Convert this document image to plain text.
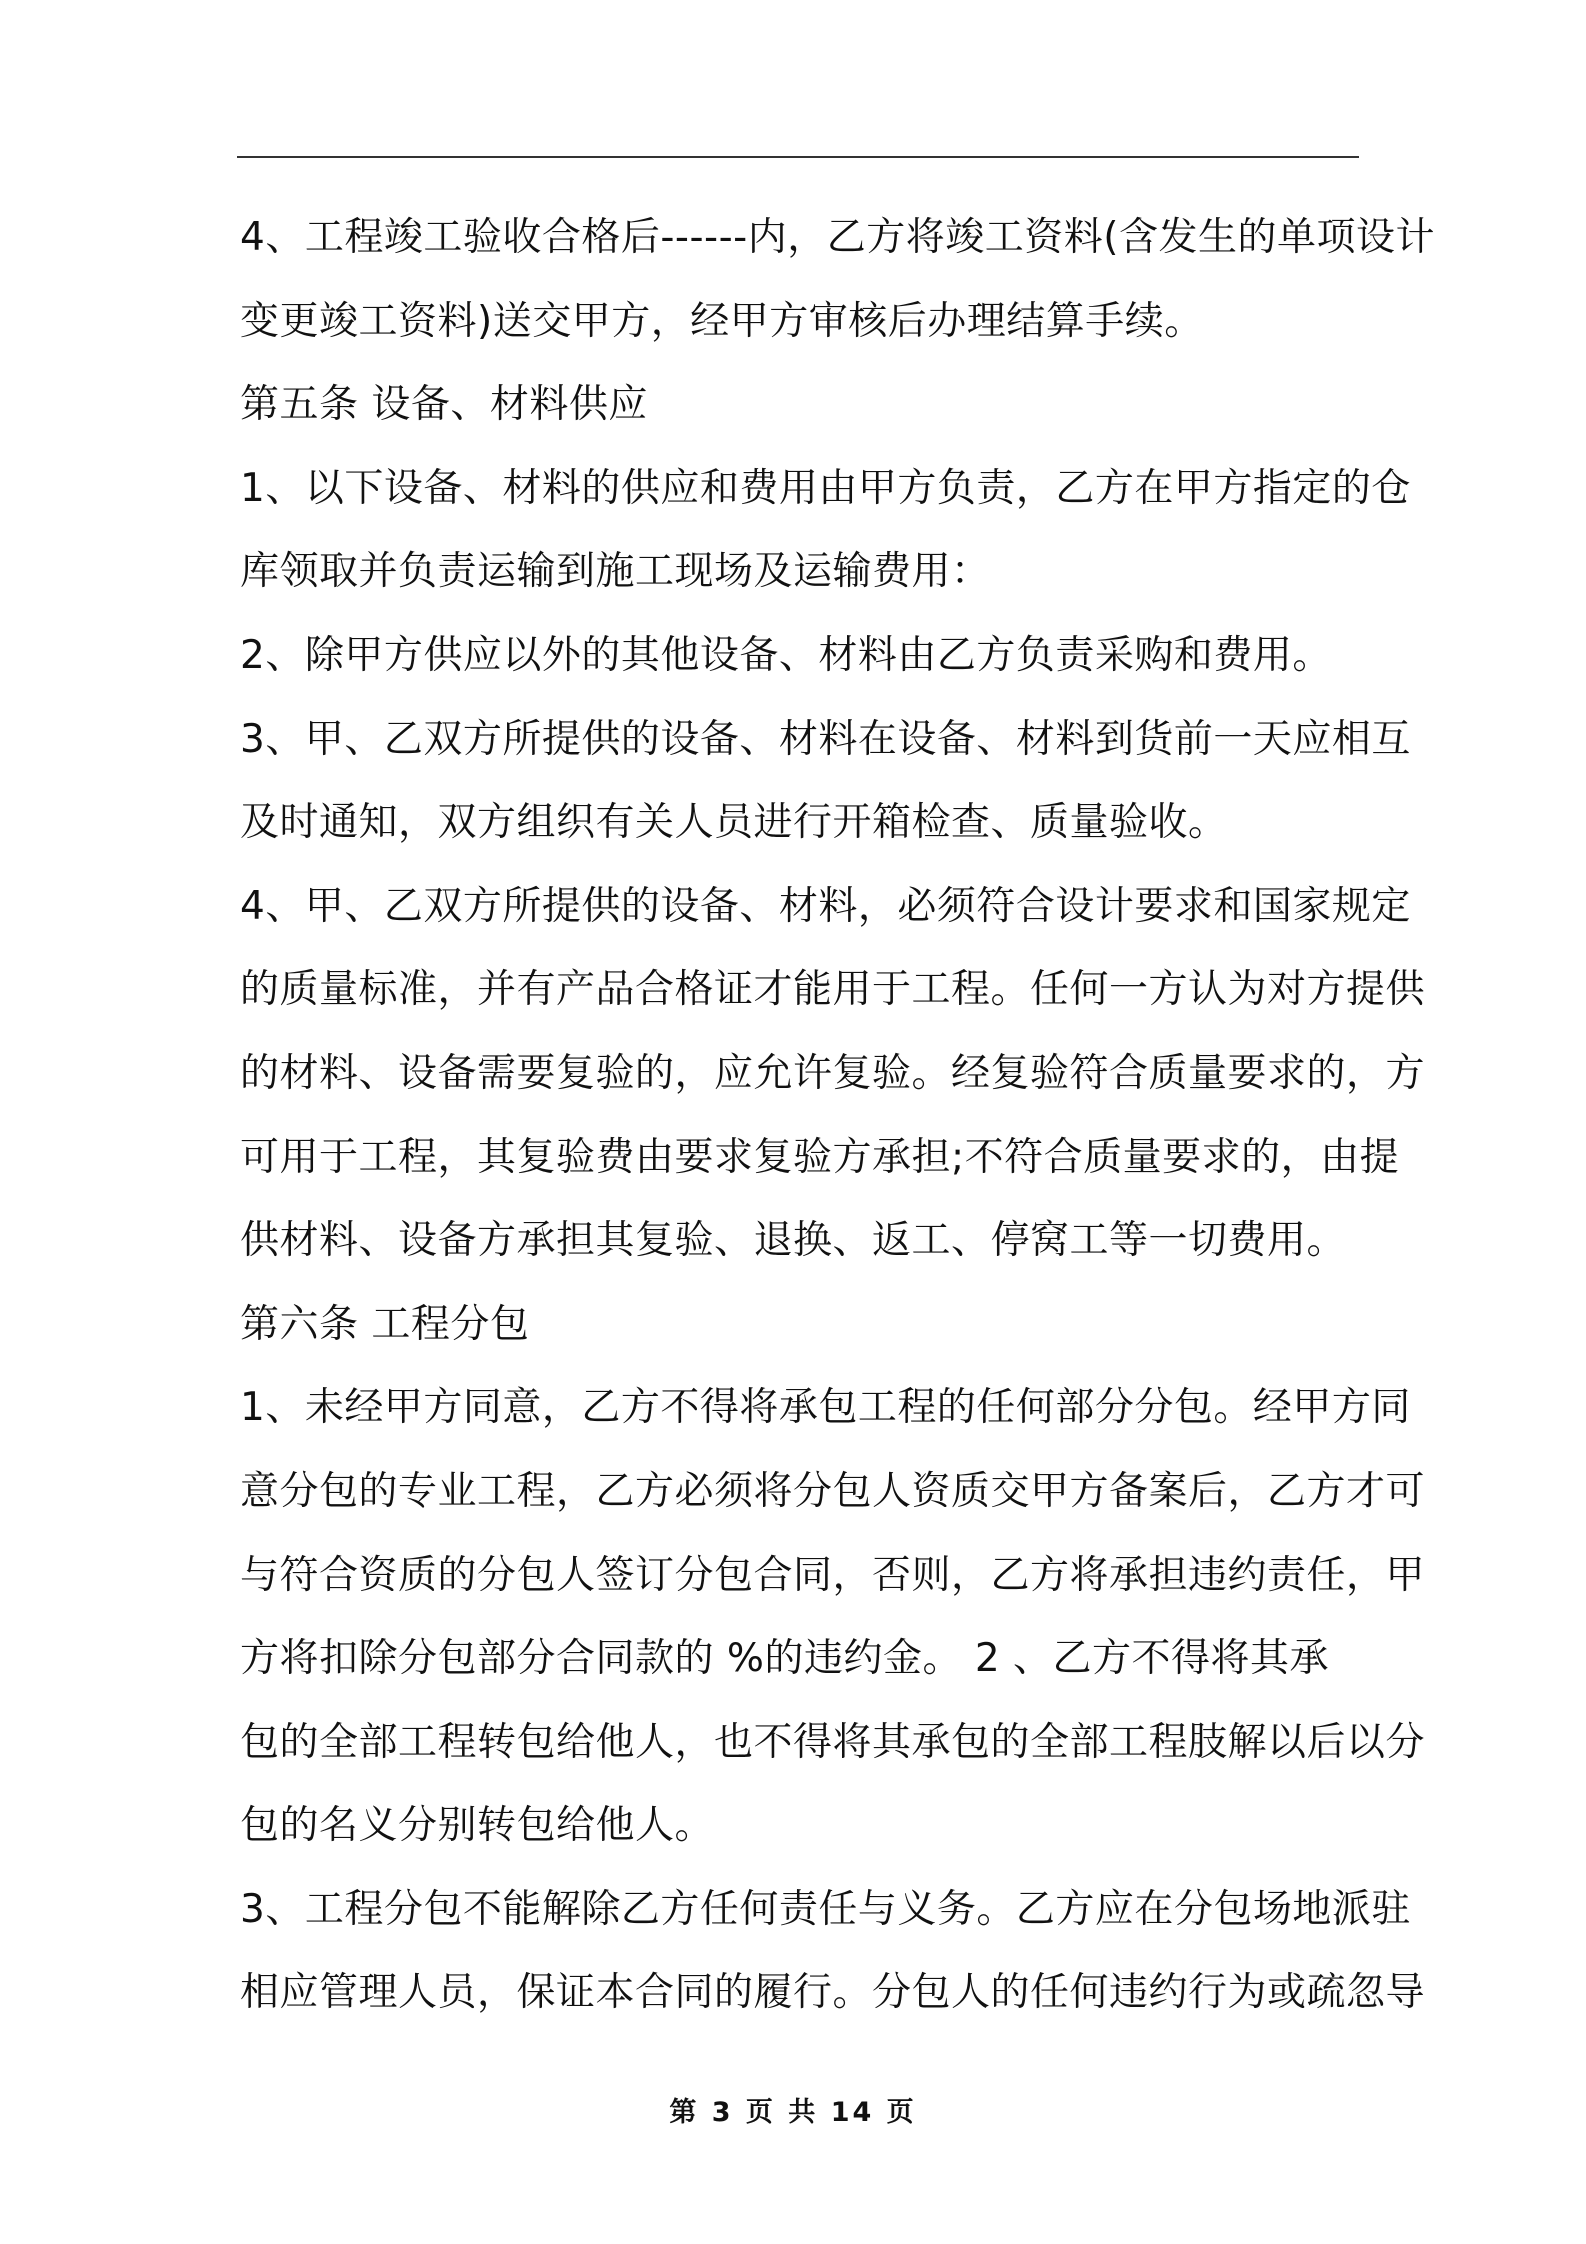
4、工程竣工验收合格后------内，乙方将竣工资料(含发生的单项设计

变更竣工资料)送交甲方，经甲方审核后办理结算手续。

第五条 设备、材料供应

1、以下设备、材料的供应和费用由甲方负责，乙方在甲方指定的仓

库领取并负责运输到施工现场及运输费用：

2、除甲方供应以外的其他设备、材料由乙方负责采购和费用。

3、甲、乙双方所提供的设备、材料在设备、材料到货前一天应相互

及时通知，双方组织有关人员进行开箱检查、质量验收。

4、甲、乙双方所提供的设备、材料，必须符合设计要求和国家规定

的质量标准，并有产品合格证才能用于工程。任何一方认为对方提供

的材料、设备需要复验的，应允许复验。经复验符合质量要求的，方

可用于工程，其复验费由要求复验方承担;不符合质量要求的，由提

供材料、设备方承担其复验、退换、返工、停窝工等一切费用。

第六条 工程分包

1、未经甲方同意，乙方不得将承包工程的任何部分分包。经甲方同

意分包的专业工程，乙方必须将分包人资质交甲方备案后，乙方才可

与符合资质的分包人签订分包合同，否则，乙方将承担违约责任，甲

方将扣除分包部分合同款的 %的违约金。 2 、乙方不得将其承

包的全部工程转包给他人，也不得将其承包的全部工程肢解以后以分

包的名义分别转包给他人。

3、工程分包不能解除乙方任何责任与义务。乙方应在分包场地派驻

相应管理人员，保证本合同的履行。分包人的任何违约行为或疏忽导

第 3 页 共 14 页
